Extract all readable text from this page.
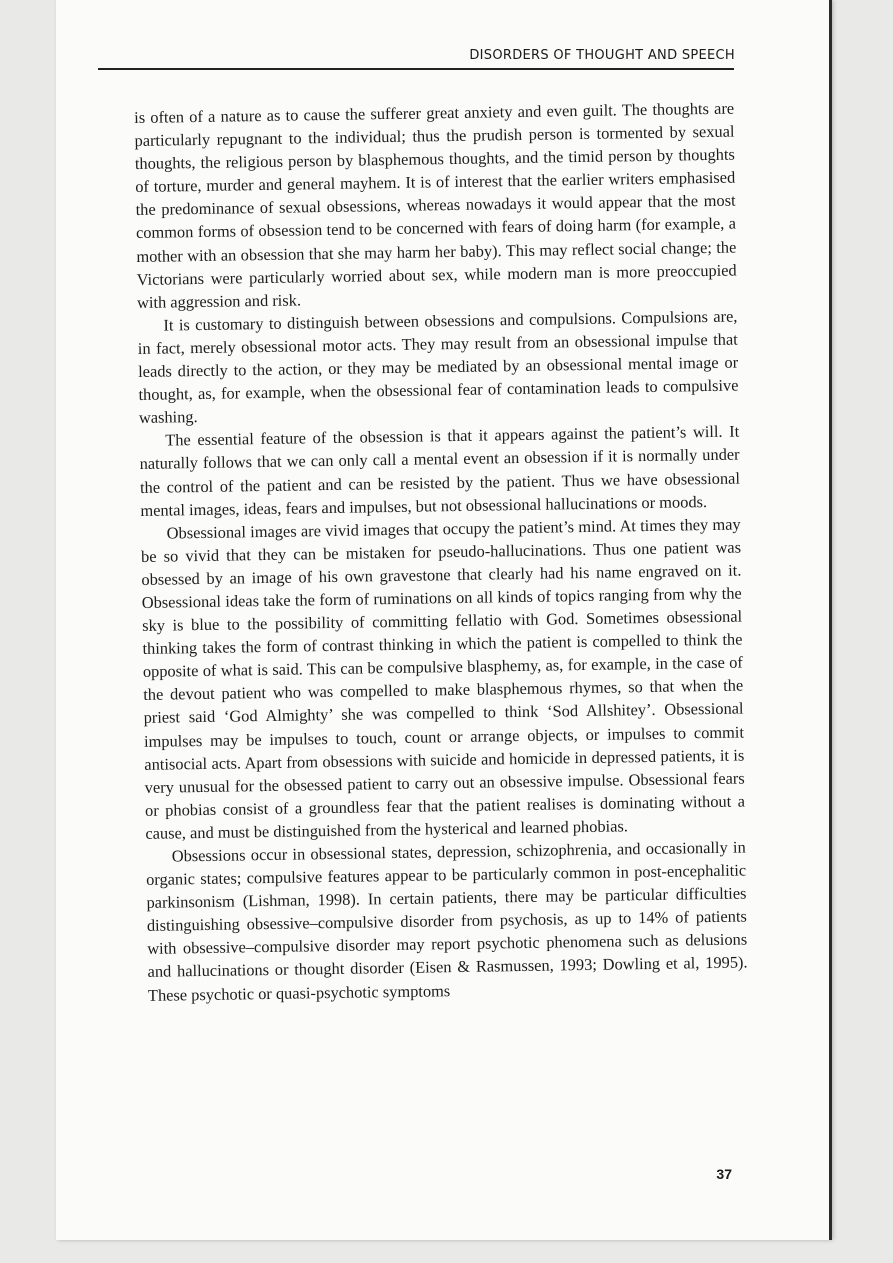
DISORDERS OF THOUGHT AND SPEECH

is often of a nature as to cause the sufferer great anxiety and even guilt. The thoughts are particularly repugnant to the individual; thus the prudish person is tormented by sexual thoughts, the religious person by blasphemous thoughts, and the timid person by thoughts of torture, murder and general mayhem. It is of interest that the earlier writers emphasised the predominance of sexual obsessions, whereas nowadays it would appear that the most common forms of obsession tend to be concerned with fears of doing harm (for example, a mother with an obsession that she may harm her baby). This may reflect social change; the Victorians were particularly worried about sex, while modern man is more preoccupied with aggression and risk.

It is customary to distinguish between obsessions and compulsions. Compulsions are, in fact, merely obsessional motor acts. They may result from an obsessional impulse that leads directly to the action, or they may be mediated by an obsessional mental image or thought, as, for example, when the obsessional fear of contamination leads to compulsive washing.

The essential feature of the obsession is that it appears against the patient’s will. It naturally follows that we can only call a mental event an obsession if it is normally under the control of the patient and can be resisted by the patient. Thus we have obsessional mental images, ideas, fears and impulses, but not obsessional hallucinations or moods.

Obsessional images are vivid images that occupy the patient’s mind. At times they may be so vivid that they can be mistaken for pseudo-hallucinations. Thus one patient was obsessed by an image of his own gravestone that clearly had his name engraved on it. Obsessional ideas take the form of ruminations on all kinds of topics ranging from why the sky is blue to the possibility of committing fellatio with God. Sometimes obsessional thinking takes the form of contrast thinking in which the patient is compelled to think the opposite of what is said. This can be compulsive blasphemy, as, for example, in the case of the devout patient who was compelled to make blasphemous rhymes, so that when the priest said ‘God Almighty’ she was compelled to think ‘Sod Allshitey’. Obsessional impulses may be impulses to touch, count or arrange objects, or impulses to commit antisocial acts. Apart from obsessions with suicide and homicide in depressed patients, it is very unusual for the obsessed patient to carry out an obsessive impulse. Obsessional fears or phobias consist of a groundless fear that the patient realises is dominating without a cause, and must be distinguished from the hysterical and learned phobias.

Obsessions occur in obsessional states, depression, schizophrenia, and occasionally in organic states; compulsive features appear to be particularly common in post-encephalitic parkinsonism (Lishman, 1998). In certain patients, there may be particular difficulties distinguishing obsessive–compulsive disorder from psychosis, as up to 14% of patients with obsessive–compulsive disorder may report psychotic phenomena such as delusions and hallucinations or thought disorder (Eisen & Rasmussen, 1993; Dowling et al, 1995). These psychotic or quasi-psychotic symptoms

37
